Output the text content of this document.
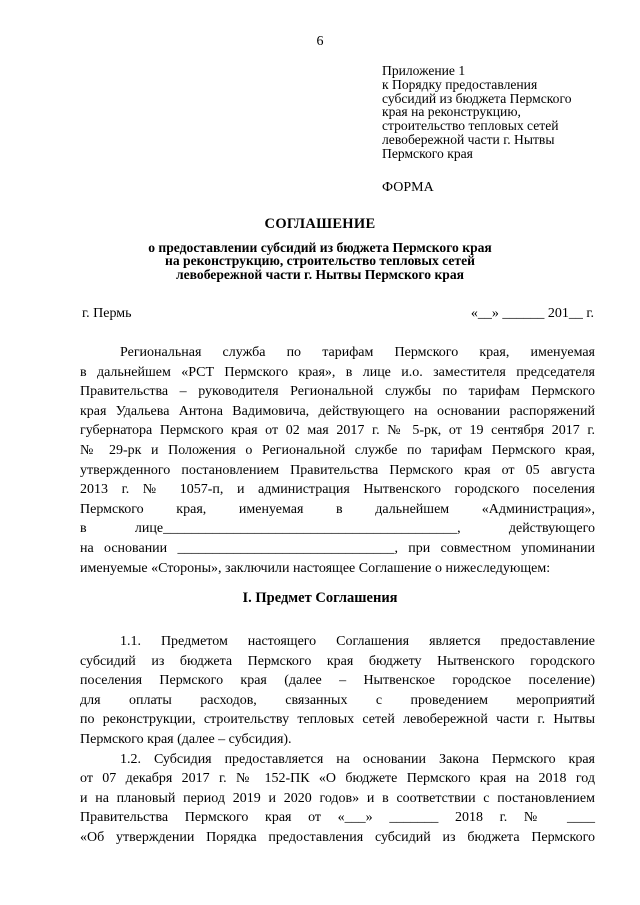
6
Приложение 1
к Порядку предоставления
субсидий из бюджета Пермского
края на реконструкцию,
строительство тепловых сетей
левобережной части г. Нытвы
Пермского края
ФОРМА
СОГЛАШЕНИЕ
о предоставлении субсидий из бюджета Пермского края
на реконструкцию, строительство тепловых сетей
левобережной части г. Нытвы Пермского края
г. Пермь	«__» ______ 201__ г.

Региональная служба по тарифам Пермского края, именуемая

в дальнейшем «РСТ Пермского края», в лице и.о. заместителя председателя

Правительства – руководителя Региональной службы по тарифам Пермского

края Удальева Антона Вадимовича, действующего на основании распоряжений

губернатора Пермского края от 02 мая 2017 г. № 5-рк, от 19 сентября 2017 г.

№ 29-рк и Положения о Региональной службе по тарифам Пермского края,

утвержденного постановлением Правительства Пермского края от 05 августа

2013 г. № 1057-п, и администрация Нытвенского городского поселения

Пермского края, именуемая в дальнейшем «Администрация»,

в лице__________________________________________, действующего

на основании _______________________________, при совместном упоминании

именуемые «Стороны», заключили настоящее Соглашение о нижеследующем:

I. Предмет Соглашения

1.1. Предметом настоящего Соглашения является предоставление

субсидий из бюджета Пермского края бюджету Нытвенского городского

поселения Пермского края (далее – Нытвенское городское поселение)

для оплаты расходов, связанных с проведением мероприятий

по реконструкции, строительству тепловых сетей левобережной части г. Нытвы

Пермского края (далее – субсидия).

1.2. Субсидия предоставляется на основании Закона Пермского края

от 07 декабря 2017 г. № 152-ПК «О бюджете Пермского края на 2018 год

и на плановый период 2019 и 2020 годов» и в соответствии с постановлением

Правительства Пермского края от «___» _______ 2018 г. № ____

«Об утверждении Порядка предоставления субсидий из бюджета Пермского
